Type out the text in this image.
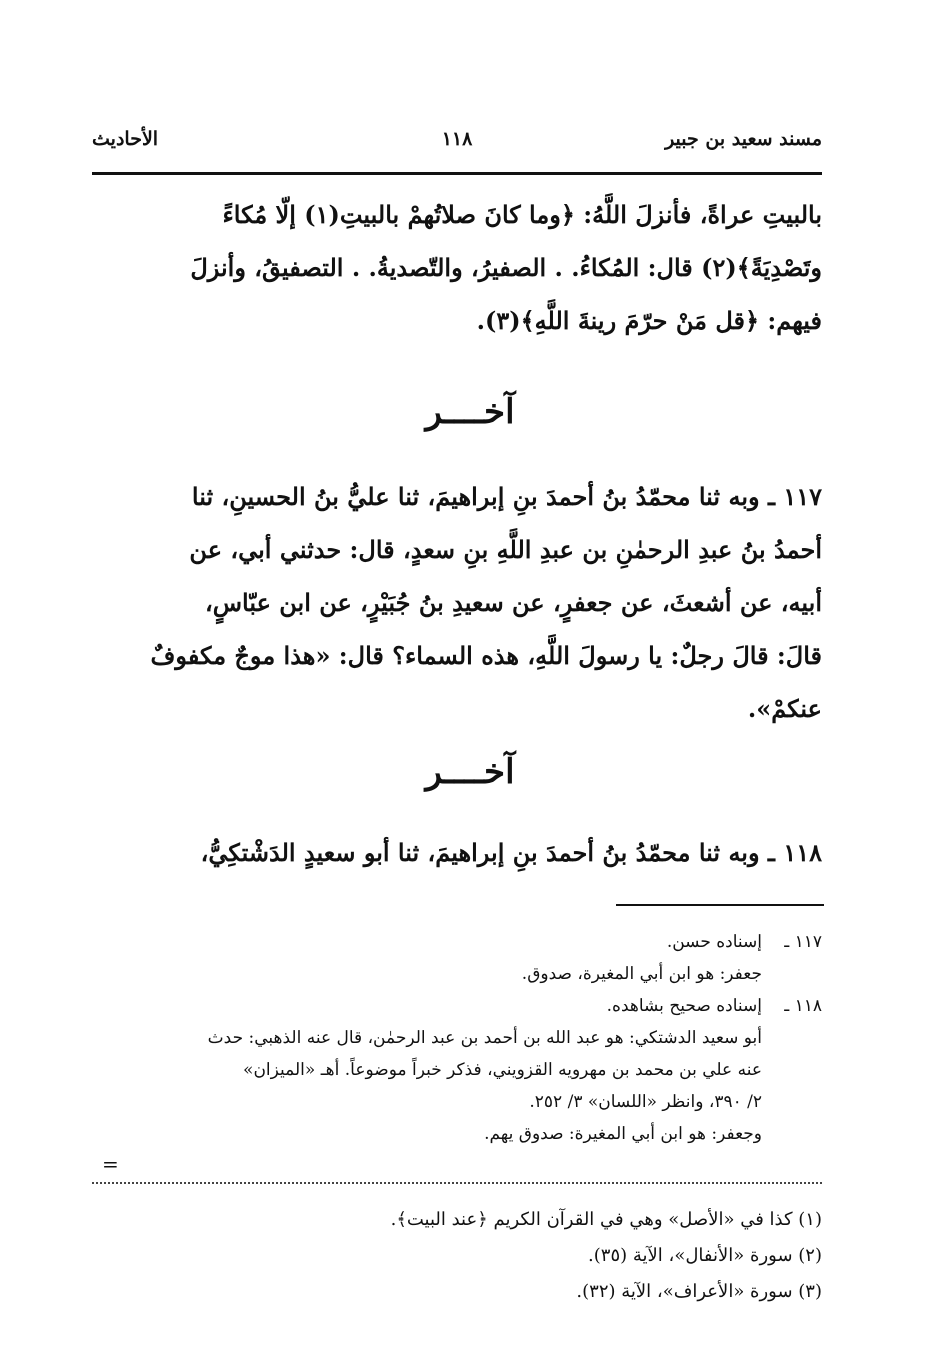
مسند سعيد بن جبير
١١٨
الأحاديث

بالبيتِ عراةً، فأنزلَ اللَّهُ: ﴿وما كانَ صلاتُهمْ بالبيتِ(١) إلّا مُكاءً

وتَصْدِيَةً﴾(٢) قال: المُكاءُ. . الصفيرُ، والتّصديةُ. . التصفيقُ، وأنزلَ

فيهم: ﴿قل مَنْ حرّمَ رينةَ اللَّهِ﴾(٣).

آخــــر

١١٧ ـ وبه ثنا محمّدُ بنُ أحمدَ بنِ إبراهيمَ، ثنا عليُّ بنُ الحسينِ، ثنا

أحمدُ بنُ عبدِ الرحمٰنِ بن عبدِ اللَّهِ بنِ سعدٍ، قال: حدثني أبي، عن

أبيه، عن أشعثَ، عن جعفرٍ، عن سعيدِ بنُ جُبَيْرٍ، عن ابن عبّاسٍ،

قالَ: قالَ رجلٌ: يا رسولَ اللَّهِ، هذه السماء؟ قال: «هذا موجٌ مكفوفٌ

عنكمْ».

آخــــر

١١٨ ـ وبه ثنا محمّدُ بنُ أحمدَ بنِ إبراهيمَ، ثنا أبو سعيدٍ الدَشْتكِيُّ،

١١٧ ـ
إسناده حسن.
جعفر: هو ابن أبي المغيرة، صدوق.
١١٨ ـ
إسناده صحيح بشاهده.
أبو سعيد الدشتكي: هو عبد الله بن أحمد بن عبد الرحمٰن، قال عنه الذهبي: حدث
عنه علي بن محمد بن مهرويه القزويني، فذكر خبراً موضوعاً. أهـ «الميزان»
٢/ ٣٩٠، وانظر «اللسان» ٣/ ٢٥٢.
وجعفر: هو ابن أبي المغيرة: صدوق يهم.
=
(١) كذا في «الأصل» وهي في القرآن الكريم ﴿عند البيت﴾.
(٢) سورة «الأنفال»، الآية (٣٥).
(٣) سورة «الأعراف»، الآية (٣٢).
